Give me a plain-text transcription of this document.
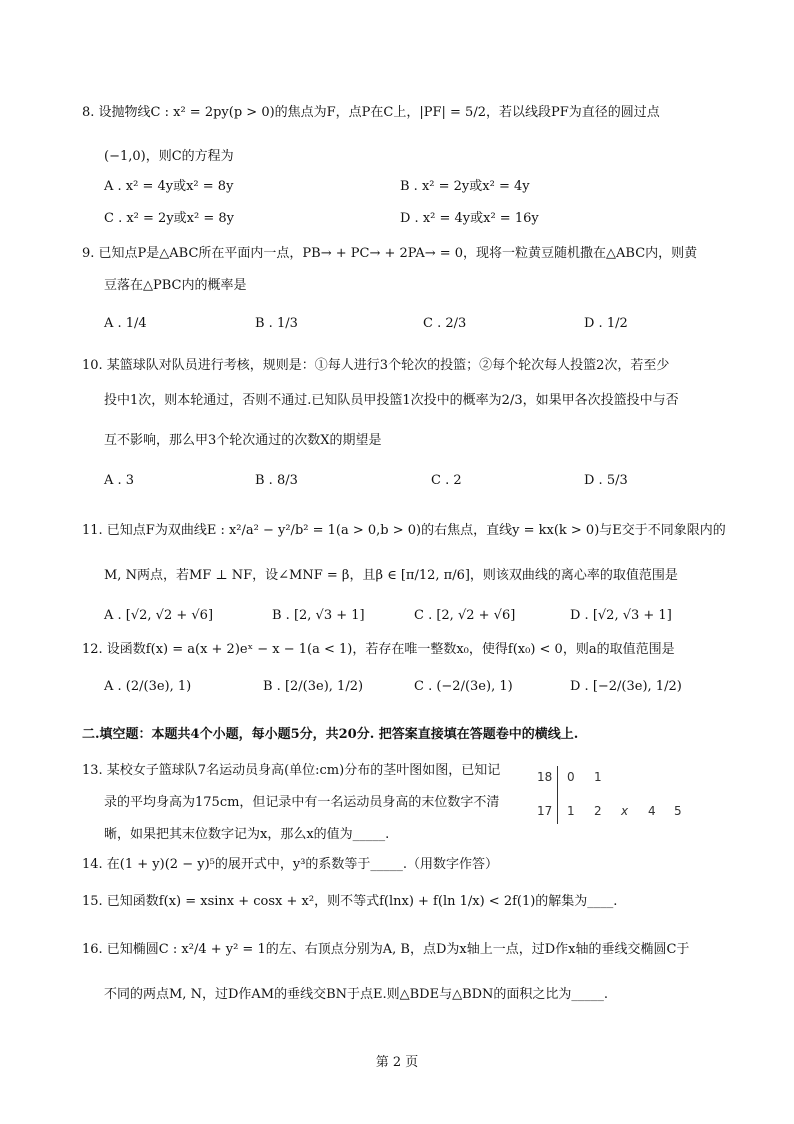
8. 设抛物线C : x² = 2py(p > 0)的焦点为F，点P在C上，|PF| = 5/2，若以线段PF为直径的圆过点
(−1,0)，则C的方程为
A . x² = 4y或x² = 8y	B . x² = 2y或x² = 4y
C . x² = 2y或x² = 8y	D . x² = 4y或x² = 16y
9. 已知点P是△ABC所在平面内一点，PB→ + PC→ + 2PA→ = 0，现将一粒黄豆随机撒在△ABC内，则黄
豆落在△PBC内的概率是
A . 1/4	B . 1/3	C . 2/3	D . 1/2
10. 某篮球队对队员进行考核，规则是：①每人进行3个轮次的投篮；②每个轮次每人投篮2次，若至少
投中1次，则本轮通过，否则不通过.已知队员甲投篮1次投中的概率为2/3，如果甲各次投篮投中与否
互不影响，那么甲3个轮次通过的次数X的期望是
A . 3	B . 8/3	C . 2	D . 5/3
11. 已知点F为双曲线E : x²/a² − y²/b² = 1(a > 0,b > 0)的右焦点，直线y = kx(k > 0)与E交于不同象限内的
M, N两点，若MF ⊥ NF，设∠MNF = β，且β ∈ [π/12, π/6]，则该双曲线的离心率的取值范围是
A . [√2, √2 + √6]	B . [2, √3 + 1]	C . [2, √2 + √6]	D . [√2, √3 + 1]
12. 设函数f(x) = a(x + 2)eˣ − x − 1(a < 1)，若存在唯一整数x₀，使得f(x₀) < 0，则a的取值范围是
A . (2/(3e), 1)	B . [2/(3e), 1/2)	C . (−2/(3e), 1)	D . [−2/(3e), 1/2)
二.填空题：本题共4个小题，每小题5分，共20分. 把答案直接填在答题卷中的横线上.
13. 某校女子篮球队7名运动员身高(单位:cm)分布的茎叶图如图，已知记
录的平均身高为175cm，但记录中有一名运动员身高的末位数字不清
晰，如果把其末位数字记为x，那么x的值为_____.
18 0 1
17 1 2 x 4 5
14. 在(1 + y)(2 − y)⁵的展开式中，y³的系数等于_____.（用数字作答）
15. 已知函数f(x) = xsinx + cosx + x²，则不等式f(lnx) + f(ln 1/x) < 2f(1)的解集为____.
16. 已知椭圆C : x²/4 + y² = 1的左、右顶点分别为A, B，点D为x轴上一点，过D作x轴的垂线交椭圆C于
不同的两点M, N，过D作AM的垂线交BN于点E.则△BDE与△BDN的面积之比为_____.
第 2 页
